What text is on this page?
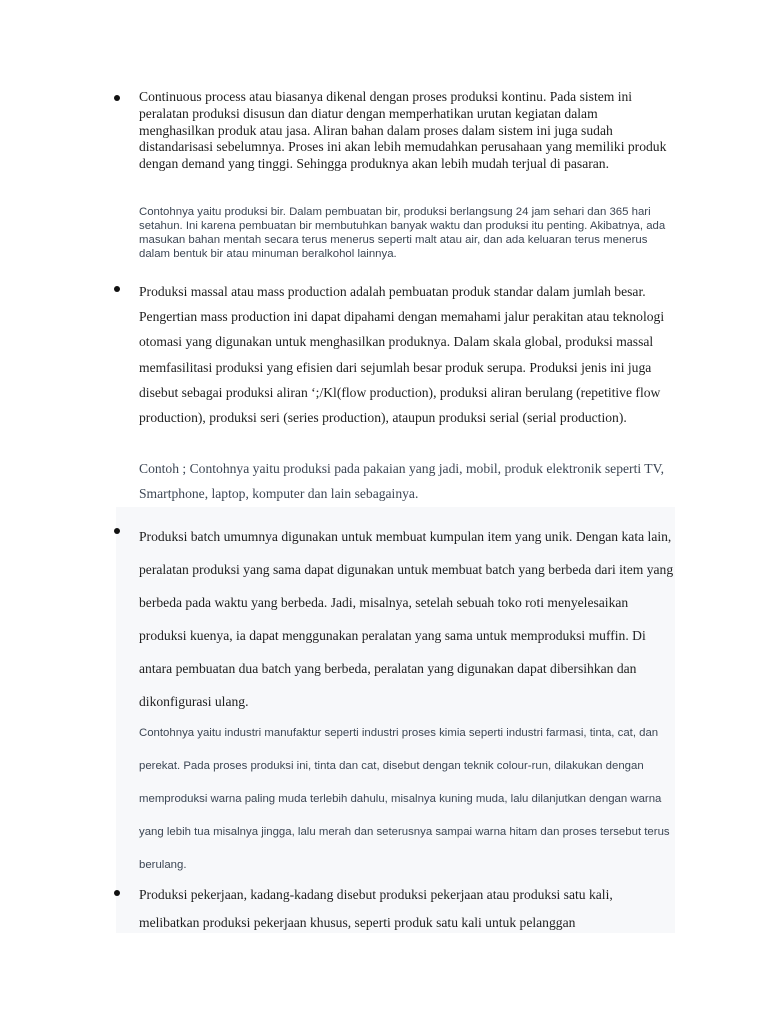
Continuous process atau biasanya dikenal dengan proses produksi kontinu. Pada sistem ini peralatan produksi disusun dan diatur dengan memperhatikan urutan kegiatan dalam menghasilkan produk atau jasa. Aliran bahan dalam proses dalam sistem ini juga sudah distandarisasi sebelumnya. Proses ini akan lebih memudahkan perusahaan yang memiliki produk dengan demand yang tinggi. Sehingga produknya akan lebih mudah terjual di pasaran.

Contohnya yaitu produksi bir. Dalam pembuatan bir, produksi berlangsung 24 jam sehari dan 365 hari setahun. Ini karena pembuatan bir membutuhkan banyak waktu dan produksi itu penting. Akibatnya, ada masukan bahan mentah secara terus menerus seperti malt atau air, dan ada keluaran terus menerus dalam bentuk bir atau minuman beralkohol lainnya.

Produksi massal atau mass production adalah pembuatan produk standar dalam jumlah besar. Pengertian mass production ini dapat dipahami dengan memahami jalur perakitan atau teknologi otomasi yang digunakan untuk menghasilkan produknya. Dalam skala global, produksi massal memfasilitasi produksi yang efisien dari sejumlah besar produk serupa. Produksi jenis ini juga disebut sebagai produksi aliran ‘;/Kl(flow production), produksi aliran berulang (repetitive flow production), produksi seri (series production), ataupun produksi serial (serial production).

Contoh ; Contohnya yaitu produksi pada pakaian yang jadi, mobil, produk elektronik seperti TV, Smartphone, laptop, komputer dan lain sebagainya.

Produksi batch umumnya digunakan untuk membuat kumpulan item yang unik. Dengan kata lain, peralatan produksi yang sama dapat digunakan untuk membuat batch yang berbeda dari item yang berbeda pada waktu yang berbeda. Jadi, misalnya, setelah sebuah toko roti menyelesaikan produksi kuenya, ia dapat menggunakan peralatan yang sama untuk memproduksi muffin. Di antara pembuatan dua batch yang berbeda, peralatan yang digunakan dapat dibersihkan dan dikonfigurasi ulang.

Contohnya yaitu industri manufaktur seperti industri proses kimia seperti industri farmasi, tinta, cat, dan perekat. Pada proses produksi ini, tinta dan cat, disebut dengan teknik colour-run, dilakukan dengan memproduksi warna paling muda terlebih dahulu, misalnya kuning muda, lalu dilanjutkan dengan warna yang lebih tua misalnya jingga, lalu merah dan seterusnya sampai warna hitam dan proses tersebut terus berulang.

Produksi pekerjaan, kadang-kadang disebut produksi pekerjaan atau produksi satu kali, melibatkan produksi pekerjaan khusus, seperti produk satu kali untuk pelanggan
